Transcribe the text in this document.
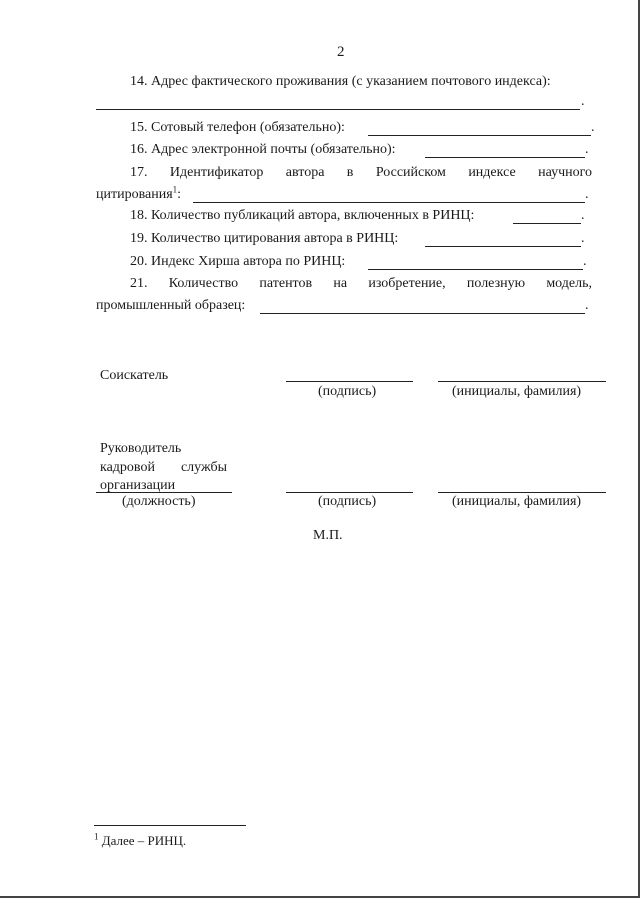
2
14. Адрес фактического проживания (с указанием почтового индекса):
.
15. Сотовый телефон (обязательно):	.
16. Адрес электронной почты (обязательно):	.
17. Идентификатор автора в Российском индексе научного
цитирования$^1$:	.
18. Количество публикаций автора, включенных в РИНЦ:	.
19. Количество цитирования автора в РИНЦ:	.
20. Индекс Хирша автора по РИНЦ:	.
21. Количество патентов на изобретение, полезную модель,
промышленный образец:	.
Соискатель
(подпись)	(инициалы, фамилия)
Руководитель
кадровой службы
организации
(должность)	(подпись)	(инициалы, фамилия)
М.П.
$^1$ Далее – РИНЦ.
